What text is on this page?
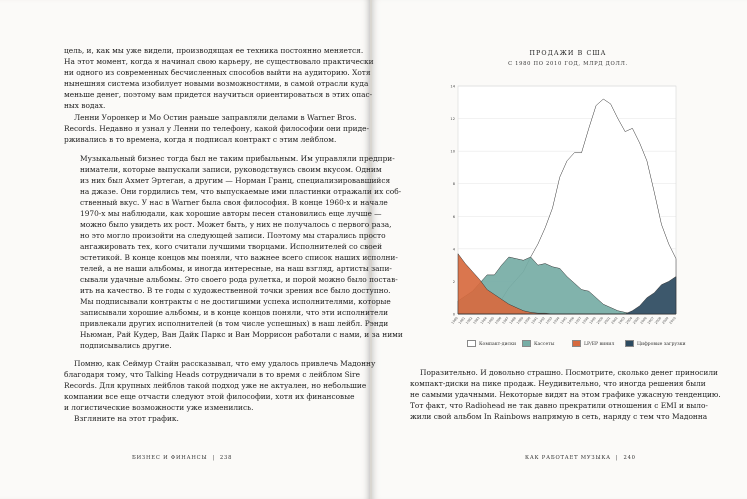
цель, и, как мы уже видели, производящая ее техника постоянно меняется.
На этот момент, когда я начинал свою карьеру, не существовало практически
ни одного из современных бесчисленных способов выйти на аудиторию. Хотя
нынешняя система изобилует новыми возможностями, в самой отрасли куда
меньше денег, поэтому вам придется научиться ориентироваться в этих опас-
ных водах.
Ленни Уоронкер и Мо Остин раньше заправляли делами в Warner Bros.
Records. Недавно я узнал у Ленни по телефону, какой философии они приде-
рживались в то времена, когда я подписал контракт с этим лейблом.
Музыкальный бизнес тогда был не таким прибыльным. Им управляли предпри-
ниматели, которые выпускали записи, руководствуясь своим вкусом. Одним
из них был Ахмет Эртеган, а другим — Норман Гранц, специализировавшийся
на джазе. Они гордились тем, что выпускаемые ими пластинки отражали их соб-
ственный вкус. У нас в Warner была своя философия. В конце 1960-х и начале
1970-х мы наблюдали, как хорошие авторы песен становились еще лучше —
можно было увидеть их рост. Может быть, у них не получалось с первого раза,
но это могло произойти на следующей записи. Поэтому мы старались просто
ангажировать тех, кого считали лучшими творцами. Исполнителей со своей
эстетикой. В конце концов мы поняли, что важнее всего список наших исполни-
телей, а не наши альбомы, и иногда интересные, на наш взгляд, артисты запи-
сывали удачные альбомы. Это своего рода рулетка, и порой можно было постав-
ить на качество. В те годы с художественной точки зрения все было доступно.
Мы подписывали контракты с не достигшими успеха исполнителями, которые
записывали хорошие альбомы, и в конце концов поняли, что эти исполнители
привлекали других исполнителей (в том числе успешных) в наш лейбл. Рэнди
Ньюман, Рай Кудер, Ван Дайк Паркс и Ван Моррисон работали с нами, и за ними
подписывались другие.
Помню, как Сеймур Стайн рассказывал, что ему удалось привлечь Мадонну
благодаря тому, что Talking Heads сотрудничали в то время с лейблом Sire
Records. Для крупных лейблов такой подход уже не актуален, но небольшие
компании все еще отчасти следуют этой философии, хотя их финансовые
и логистические возможности уже изменились.
Взгляните на этот график.
БИЗНЕС И ФИНАНСЫ | 238
ПРОДАЖИ В США
С 1980 ПО 2010 ГОД, МЛРД ДОЛЛ.
0
2
4
6
8
10
12
14
1980
1981
1982
1983
1984
1985
1986
1987
1988
1989
1990
1991
1992
1993
1994
1995
1996
1997
1998
1999
2000
2001
2002
2003
2004
2005
2006
2007
2008
2009
2010
Компакт-диски	Кассеты	LP/EP винил	Цифровые загрузки
Поразительно. И довольно страшно. Посмотрите, сколько денег приносили
компакт-диски на пике продаж. Неудивительно, что иногда решения были
не самыми удачными. Некоторые видят на этом графике ужасную тенденцию.
Тот факт, что Radiohead не так давно прекратили отношения с EMI и выло-
жили свой альбом In Rainbows напрямую в сеть, наряду с тем что Мадонна
КАК РАБОТАЕТ МУЗЫКА | 240
